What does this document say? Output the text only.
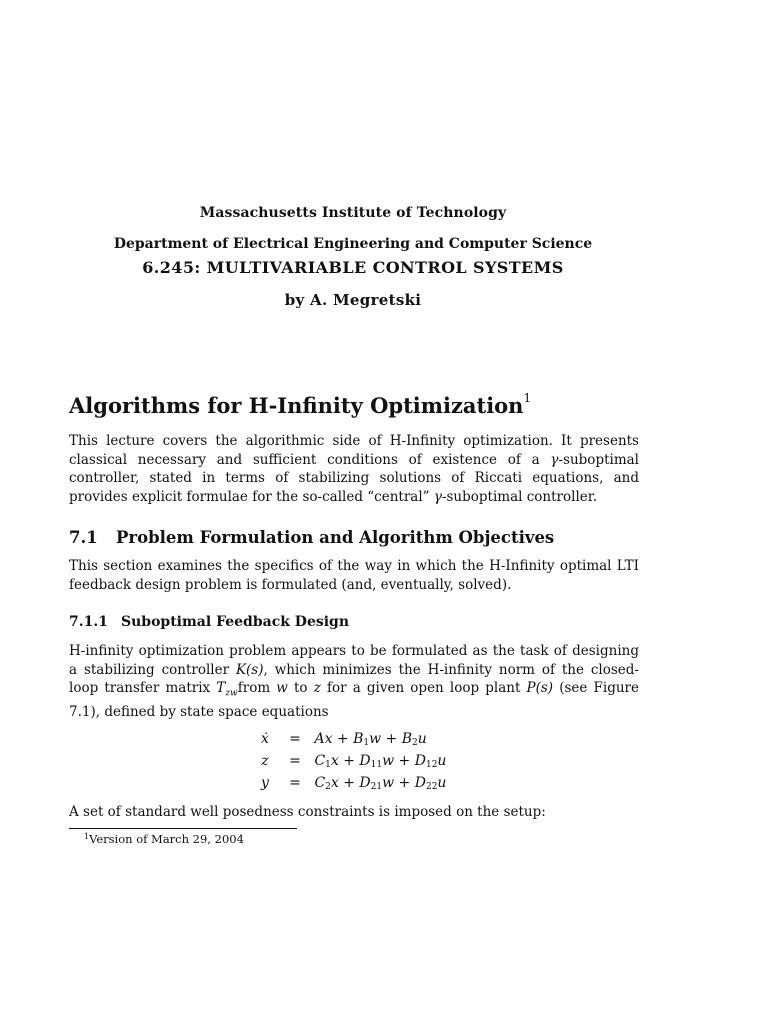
Massachusetts Institute of Technology
Department of Electrical Engineering and Computer Science
6.245: MULTIVARIABLE CONTROL SYSTEMS
by A. Megretski
Algorithms for H-Infinity Optimization$^1$
This lecture covers the algorithmic side of H-Infinity optimization. It presents classical necessary and sufficient conditions of existence of a γ-suboptimal controller, stated in terms of stabilizing solutions of Riccati equations, and provides explicit formulae for the so-called “central” γ-suboptimal controller.
7.1 Problem Formulation and Algorithm Objectives
This section examines the specifics of the way in which the H-Infinity optimal LTI feedback design problem is formulated (and, eventually, solved).
7.1.1 Suboptimal Feedback Design
H-infinity optimization problem appears to be formulated as the task of designing a stabilizing controller K(s), which minimizes the H-infinity norm of the closed-loop transfer matrix $T_{zw}from$ w to z for a given open loop plant P(s) (see Figure 7.1), defined by state space equations
ẋ = $Ax + B_1w + B_2u$
$z = C_1x + D_{11}w + D_{12}u$
$y = C_2x + D_{21}w + D_{22}u$
A set of standard well posedness constraints is imposed on the setup:
$^1$Version of March 29, 2004
